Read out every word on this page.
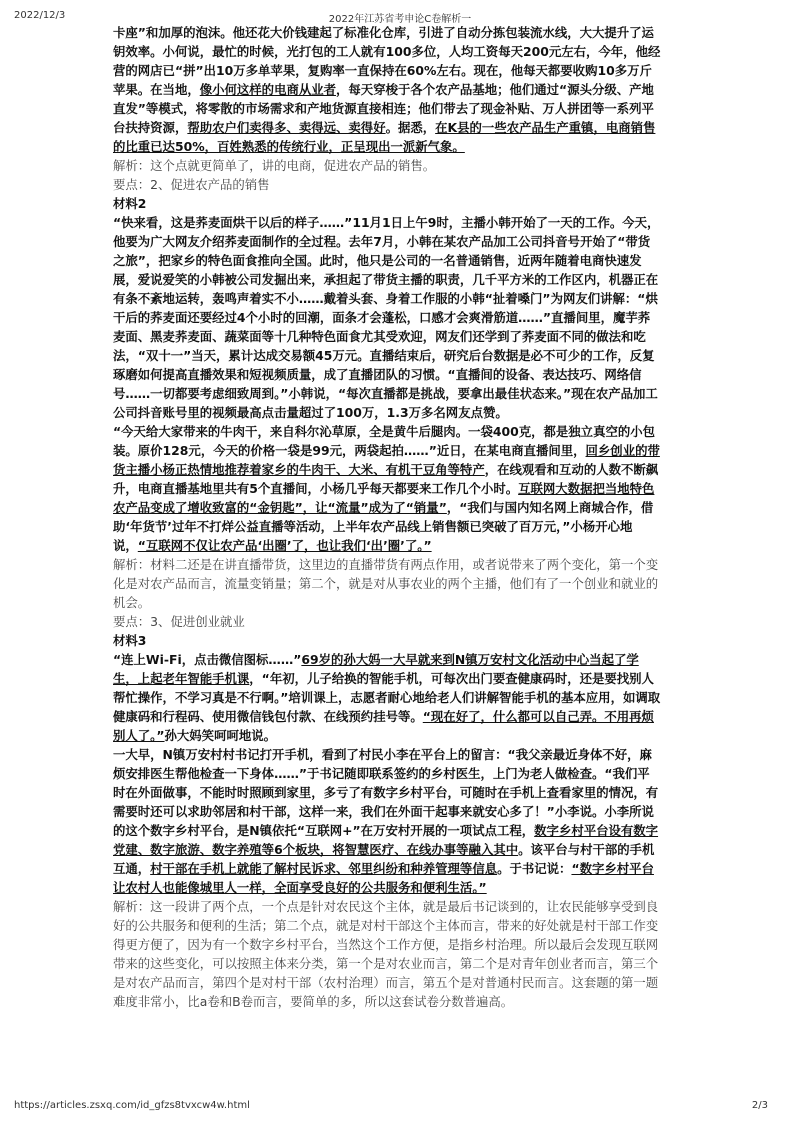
2022/12/3	2022年江苏省考申论C卷解析一

卡座”和加厚的泡沫。他还花大价钱建起了标准化仓库，引进了自动分拣包装流水线，大大提升了运钥效率。小何说，最忙的时候，光打包的工人就有100多位，人均工资每天200元左右，今年，他经营的网店已“拼”出10万多单苹果，复购率一直保持在60%左右。现在，他每天都要收购10多万斤苹果。在当地，像小何这样的电商从业者，每天穿梭于各个农产品基地；他们通过“源头分级、产地直发”等模式，将零散的市场需求和产地货源直接相连；他们带去了现金补贴、万人拼团等一系列平台扶持资源，帮助农户们卖得多、卖得远、卖得好。据悉，在K县的一些农产品生产重镇，电商销售的比重已达50%，百姓熟悉的传统行业，正呈现出一派新气象。

解析：这个点就更简单了，讲的电商，促进农产品的销售。

要点：2、促进农产品的销售

材料2

“快来看，这是荞麦面烘干以后的样子……”11月1日上午9时，主播小韩开始了一天的工作。今天，他要为广大网友介绍荞麦面制作的全过程。去年7月，小韩在某农产品加工公司抖音号开始了“带货之旅”，把家乡的特色面食推向全国。此时，他只是公司的一名普通销售，近两年随着电商快速发展，爱说爱笑的小韩被公司发掘出来，承担起了带货主播的职责，几千平方米的工作区内，机器正在有条不紊地运转，轰鸣声着实不小……戴着头套、身着工作服的小韩“扯着嗓门”为网友们讲解：“烘干后的荞麦面还要经过4个小时的回潮，面条才会蓬松，口感才会爽滑筋道……”直播间里，魔芋荞麦面、黑麦荞麦面、蔬菜面等十几种特色面食尤其受欢迎，网友们还学到了荞麦面不同的做法和吃法，“双十一”当天，累计达成交易额45万元。直播结束后，研究后台数据是必不可少的工作，反复琢磨如何提高直播效果和短视频质量，成了直播团队的习惯。“直播间的设备、表达技巧、网络信号……一切都要考虑细致周到。”小韩说，“每次直播都是挑战，要拿出最佳状态来。”现在农产品加工公司抖音账号里的视频最高点击量超过了100万，1.3万多名网友点赞。

“今天给大家带来的牛肉干，来自科尔沁草原，全是黄牛后腿肉。一袋400克，都是独立真空的小包装。原价128元，今天的价格一袋是99元，两袋起拍……”近日，在某电商直播间里，回乡创业的带货主播小杨正热情地推荐着家乡的牛肉干、大米、有机干豆角等特产，在线观看和互动的人数不断飙升，电商直播基地里共有5个直播间，小杨几乎每天都要来工作几个小时。互联网大数据把当地特色农产品变成了增收致富的“金钥匙”，让“流量”成为了“销量”，“我们与国内知名网上商城合作，借助‘年货节’过年不打烊公益直播等活动，上半年农产品线上销售额已突破了百万元，”小杨开心地说，“互联网不仅让农产品‘出圈’了，也让我们‘出’圈’了。”

解析：材料二还是在讲直播带货，这里边的直播带货有两点作用，或者说带来了两个变化，第一个变化是对农产品而言，流量变销量；第二个，就是对从事农业的两个主播，他们有了一个创业和就业的机会。

要点：3、促进创业就业

材料3

“连上Wi-Fi，点击微信图标……”69岁的孙大妈一大早就来到N镇万安村文化活动中心当起了学生，上起老年智能手机课，“年初，儿子给换的智能手机，可每次出门要查健康码时，还是要找别人帮忙操作，不学习真是不行啊。”培训课上，志愿者耐心地给老人们讲解智能手机的基本应用，如调取健康码和行程码、使用微信钱包付款、在线预约挂号等。“现在好了，什么都可以自己弄。不用再烦别人了。”孙大妈笑呵呵地说。

一大早，N镇万安村村书记打开手机，看到了村民小李在平台上的留言：“我父亲最近身体不好，麻烦安排医生帮他检查一下身体……”于书记随即联系签约的乡村医生，上门为老人做检查。“我们平时在外面做事，不能时时照顾到家里，多亏了有数字乡村平台，可随时在手机上查看家里的情况，有需要时还可以求助邻居和村干部，这样一来，我们在外面干起事来就安心多了！”小李说。小李所说的这个数字乡村平台，是N镇依托“互联网+”在万安村开展的一项试点工程，数字乡村平台设有数字党建、数字旅游、数字养殖等6个板块，将智慧医疗、在线办事等融入其中。该平台与村干部的手机互通，村干部在手机上就能了解村民诉求、邻里纠纷和种养管理等信息。于书记说：“数字乡村平台让农村人也能像城里人一样，全面享受良好的公共服务和便利生活。”

解析：这一段讲了两个点，一个点是针对农民这个主体，就是最后书记谈到的，让农民能够享受到良好的公共服务和便利的生活；第二个点，就是对村干部这个主体而言，带来的好处就是村干部工作变得更方便了，因为有一个数字乡村平台，当然这个工作方便，是指乡村治理。所以最后会发现互联网带来的这些变化，可以按照主体来分类，第一个是对农业而言，第二个是对青年创业者而言，第三个是对农产品而言，第四个是对村干部（农村治理）而言，第五个是对普通村民而言。这套题的第一题难度非常小，比a卷和B卷而言，要简单的多，所以这套试卷分数普遍高。

https://articles.zsxq.com/id_gfzs8tvxcw4w.html	2/3
